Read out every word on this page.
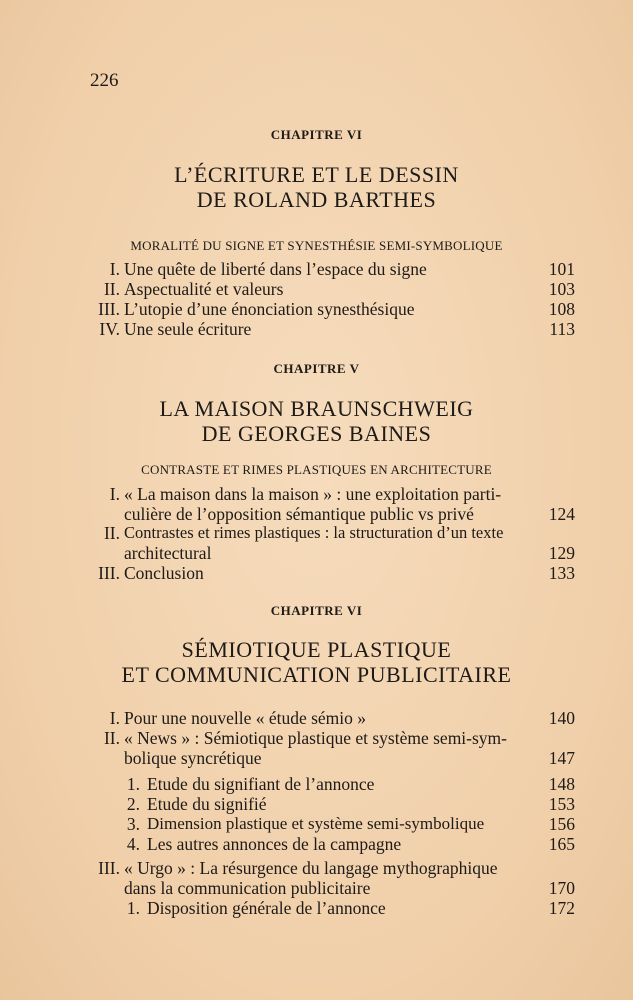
226
CHAPITRE VI
L’ÉCRITURE ET LE DESSIN
DE ROLAND BARTHES
MORALITÉ DU SIGNE ET SYNESTHÉSIE SEMI-SYMBOLIQUE
I. Une quête de liberté dans l’espace du signe	101
II. Aspectualité et valeurs	103
III. L’utopie d’une énonciation synesthésique	108
IV. Une seule écriture	113
CHAPITRE V
LA MAISON BRAUNSCHWEIG
DE GEORGES BAINES
CONTRASTE ET RIMES PLASTIQUES EN ARCHITECTURE
I. « La maison dans la maison » : une exploitation parti-
culière de l’opposition sémantique public vs privé	124
II. Contrastes et rimes plastiques : la structuration d’un texte
architectural	129
III. Conclusion	133
CHAPITRE VI
SÉMIOTIQUE PLASTIQUE
ET COMMUNICATION PUBLICITAIRE
I. Pour une nouvelle « étude sémio »	140
II. « News » : Sémiotique plastique et système semi-sym-
bolique syncrétique	147
1. Etude du signifiant de l’annonce	148
2. Etude du signifié	153
3. Dimension plastique et système semi-symbolique	156
4. Les autres annonces de la campagne	165
III. « Urgo » : La résurgence du langage mythographique
dans la communication publicitaire	170
1. Disposition générale de l’annonce	172
